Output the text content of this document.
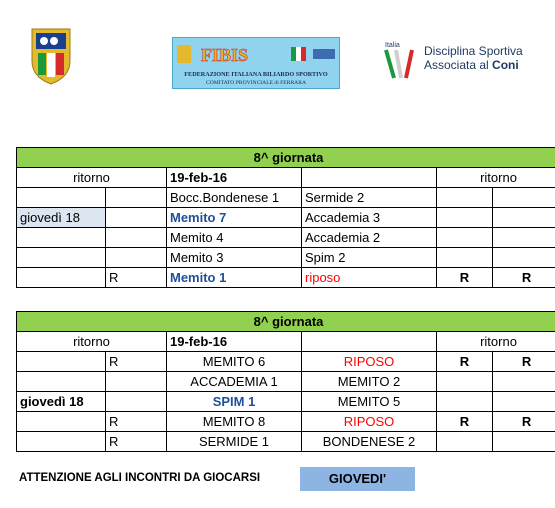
FIBIS
FEDERAZIONE ITALIANA BILIARDO SPORTIVO
COMITATO PROVINCIALE di FERRARA
Italia Disciplina Sportiva
Associata al Coni
8^ giornata					
ritorno		19-feb-16		ritorno	
		Bocc.Bondenese 1	Sermide 2		
giovedì 18		Memito 7	Accademia 3		
		Memito 4	Accademia 2		
		Memito 3	Spim 2		
	R	Memito 1	riposo	R	R
8^ giornata					
ritorno		19-feb-16		ritorno	
	R	MEMITO 6	RIPOSO	R	R
		ACCADEMIA 1	MEMITO 2		
giovedì 18		SPIM 1	MEMITO 5		
	R	MEMITO 8	RIPOSO	R	R
	R	SERMIDE 1	BONDENESE 2		
ATTENZIONE AGLI INCONTRI DA GIOCARSI	GIOVEDI'
